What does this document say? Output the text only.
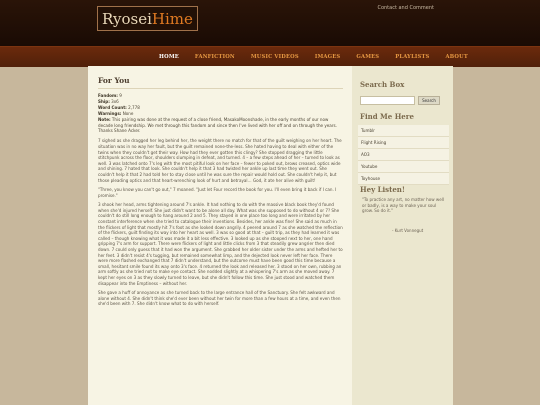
RyoseiHime
Contact and Comment
HOME	FANFICTION	MUSIC VIDEOS	IMAGES	GAMES	PLAYLISTS	ABOUT
For You
Fandom: 9
Ship: 3x6
Word Count: 2,778
Warnings: None
Note: This pairing was done at the request of a close friend, MasakoMoonshade, in the early months of our now decade long friendship. We met through this fandom and since then I've lived with her off and on through the years. Thanks Shane Acker.

7 sighed as she dragged her leg behind her, the weight there no match for that of the guilt weighing on her heart. The situation was in no way her fault, but the guilt remained none-the-less. She hated having to deal with either of the twins when they couldn't get their way. How had they ever gotten this clingy? She stopped dragging the little stitchpunk across the floor, shoulders slumping in defeat, and turned. 4 – a few steps ahead of her – turned to look as well. 3 was latched onto 7's leg with the most pitiful look on her face – fewer to poked out, brows creased, optics wide and shining. 7 hated that look. She couldn't help it that 3 had twisted her ankle up last time they went out. She couldn't help it that 2 had told her to stay close until he was sure the repair would hold out. She couldn't help it, but those pleading optics and that heart-wrenching look of hurt and betrayal… God, it ate her alive with guilt!

"Three, you know you can't go out," 7 moaned. "Just let Four record the book for you. I'll even bring it back if I can. I promise."

3 shook her head, arms tightening around 7's ankle. It had nothing to do with the massive black book they'd found when she'd injured herself. She just didn't want to be alone all day. What was she supposed to do without 4 or 7? She couldn't do still long enough to hang around 2 and 5. They stayed in one place too long and were irritated by her constant interference when she tried to catalogue their inventions. Besides, her ankle was fine! She said as much in the flickers of light that mostly hit 7's foot as she looked down angrily. 4 peered around 7 as she watched the reflection of the flickers, guilt finding its way into her heart as well. 3 was so good at that – guilt trip, as they had learned it was called – though knowing what it was made it a bit less effective. 3 looked up as she stooped next to her, one hand gripping 7's arm for support. There were flickers of light and little clicks from 3 that steadily grew angrier then died down. 7 could only guess that it had won the argument. She grabbed her older sister under the arms and hefted her to her feet. 3 didn't resist 4's tugging, but remained somewhat limp, and the dejected look never left her face. There were more flashed exchanged that 7 didn't understand, but the outcome must have been good this time because a small, hesitant smile found its way onto 3's face. 4 returned the look and released her. 3 stood on her own, rubbing an arm softly as she tried not to make eye contact. She nodded slightly at a whispering 7's arm as she moved away. 7 kept her eyes on 3 as they slowly turned to leave, but she didn't follow this time. She just stood and watched them disappear into the Emptiness – without her.

She gave a huff of annoyance as she turned back to the large entrance hall of the Sanctuary. She felt awkward and alone without 4. She didn't think she'd ever been without her twin for more than a few hours at a time, and even then she'd been with 7. She didn't know what to do with herself.

Search Box
Search
Find Me Here
Tumblr
Flight Rising
AO3
Youtube
Toyhouse
Hey Listen!
"To practice any art, no matter how well or badly, is a way to make your soul grow. So do it."
- Kurt Vonnegut
